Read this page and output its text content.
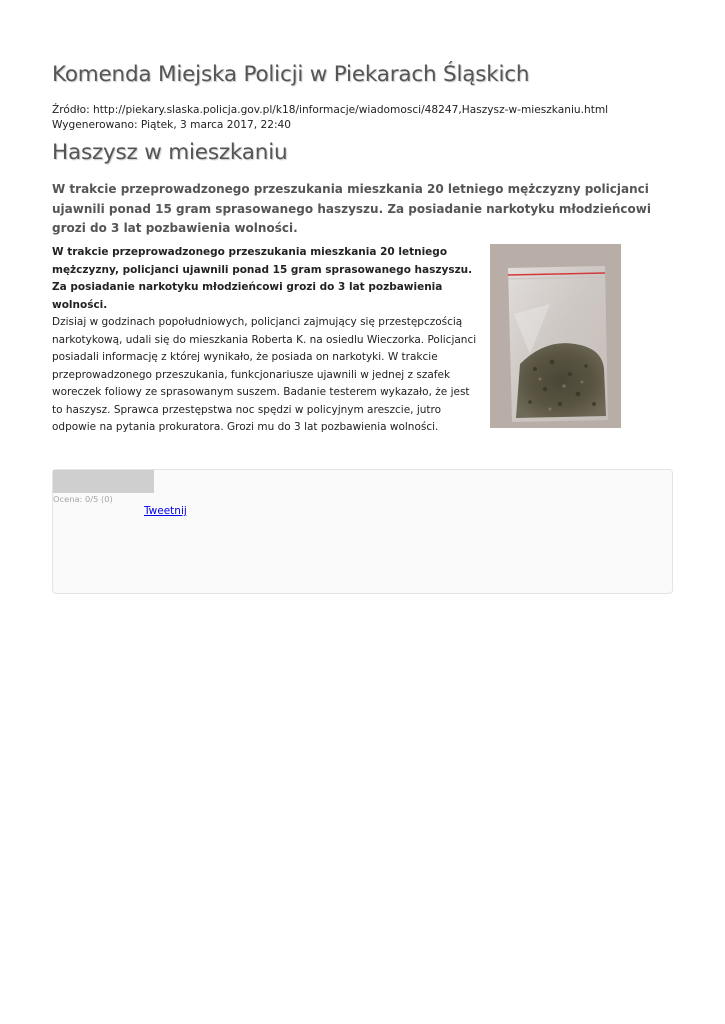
Komenda Miejska Policji w Piekarach Śląskich
Źródło: http://piekary.slaska.policja.gov.pl/k18/informacje/wiadomosci/48247,Haszysz-w-mieszkaniu.html
Wygenerowano: Piątek, 3 marca 2017, 22:40
Haszysz w mieszkaniu

W trakcie przeprowadzonego przeszukania mieszkania 20 letniego mężczyzny policjanci ujawnili ponad 15 gram sprasowanego haszyszu. Za posiadanie narkotyku młodzieńcowi grozi do 3 lat pozbawienia wolności.

W trakcie przeprowadzonego przeszukania mieszkania 20 letniego mężczyzny, policjanci ujawnili ponad 15 gram sprasowanego haszyszu. Za posiadanie narkotyku młodzieńcowi grozi do 3 lat pozbawienia wolności.
Dzisiaj w godzinach popołudniowych, policjanci zajmujący się przestępczością narkotykową, udali się do mieszkania Roberta K. na osiedlu Wieczorka. Policjanci posiadali informację z której wynikało, że posiada on narkotyki. W trakcie przeprowadzonego przeszukania, funkcjonariusze ujawnili w jednej z szafek woreczek foliowy ze sprasowanym suszem. Badanie testerem wykazało, że jest to haszysz. Sprawca przestępstwa noc spędzi w policyjnym areszcie, jutro odpowie na pytania prokuratora. Grozi mu do 3 lat pozbawienia wolności.
Ocena: 0/5 (0)
Tweetnij
